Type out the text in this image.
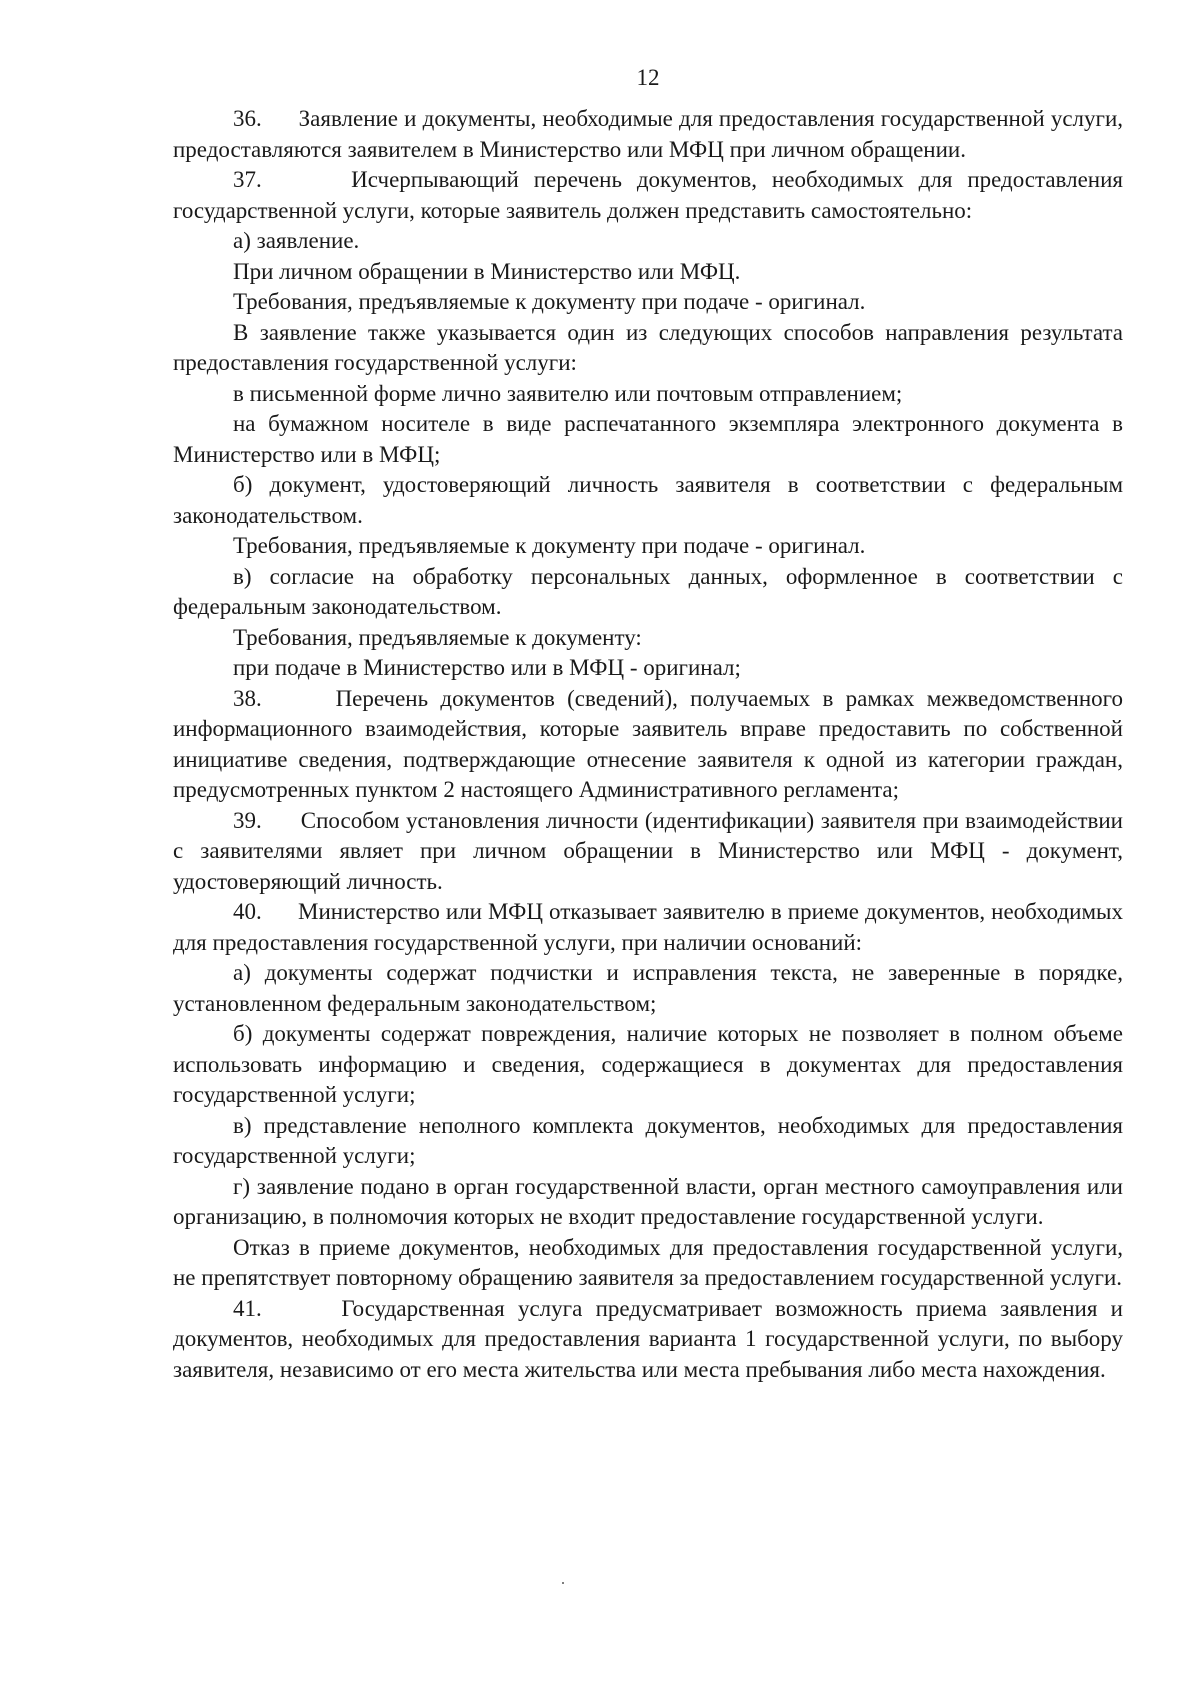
12

36.      Заявление и документы, необходимые для предоставления государственной услуги, предоставляются заявителем в Министерство или МФЦ при личном обращении.

37.      Исчерпывающий перечень документов, необходимых для предоставления государственной услуги, которые заявитель должен представить самостоятельно:

а) заявление.

При личном обращении в Министерство или МФЦ.

Требования, предъявляемые к документу при подаче - оригинал.

В заявление также указывается один из следующих способов направления результата предоставления государственной услуги:

в письменной форме лично заявителю или почтовым отправлением;

на бумажном носителе в виде распечатанного экземпляра электронного документа в Министерство или в МФЦ;

б) документ, удостоверяющий личность заявителя в соответствии с федеральным законодательством.

Требования, предъявляемые к документу при подаче - оригинал.

в) согласие на обработку персональных данных, оформленное в соответствии с федеральным законодательством.

Требования, предъявляемые к документу:

при подаче в Министерство или в МФЦ - оригинал;

38.      Перечень документов (сведений), получаемых в рамках межведомственного информационного взаимодействия, которые заявитель вправе предоставить по собственной инициативе сведения, подтверждающие отнесение заявителя к одной из категории граждан, предусмотренных пунктом 2 настоящего Административного регламента;

39.      Способом установления личности (идентификации) заявителя при взаимодействии с заявителями являет при личном обращении в Министерство или МФЦ - документ, удостоверяющий личность.

40.      Министерство или МФЦ отказывает заявителю в приеме документов, необходимых для предоставления государственной услуги, при наличии оснований:

а) документы содержат подчистки и исправления текста, не заверенные в порядке, установленном федеральным законодательством;

б) документы содержат повреждения, наличие которых не позволяет в полном объеме использовать информацию и сведения, содержащиеся в документах для предоставления государственной услуги;

в) представление неполного комплекта документов, необходимых для предоставления государственной услуги;

г) заявление подано в орган государственной власти, орган местного самоуправления или организацию, в полномочия которых не входит предоставление государственной услуги.

Отказ в приеме документов, необходимых для предоставления государственной услуги, не препятствует повторному обращению заявителя за предоставлением государственной услуги.

41.      Государственная услуга предусматривает возможность приема заявления и документов, необходимых для предоставления варианта 1 государственной услуги, по выбору заявителя, независимо от его места жительства или места пребывания либо места нахождения.
